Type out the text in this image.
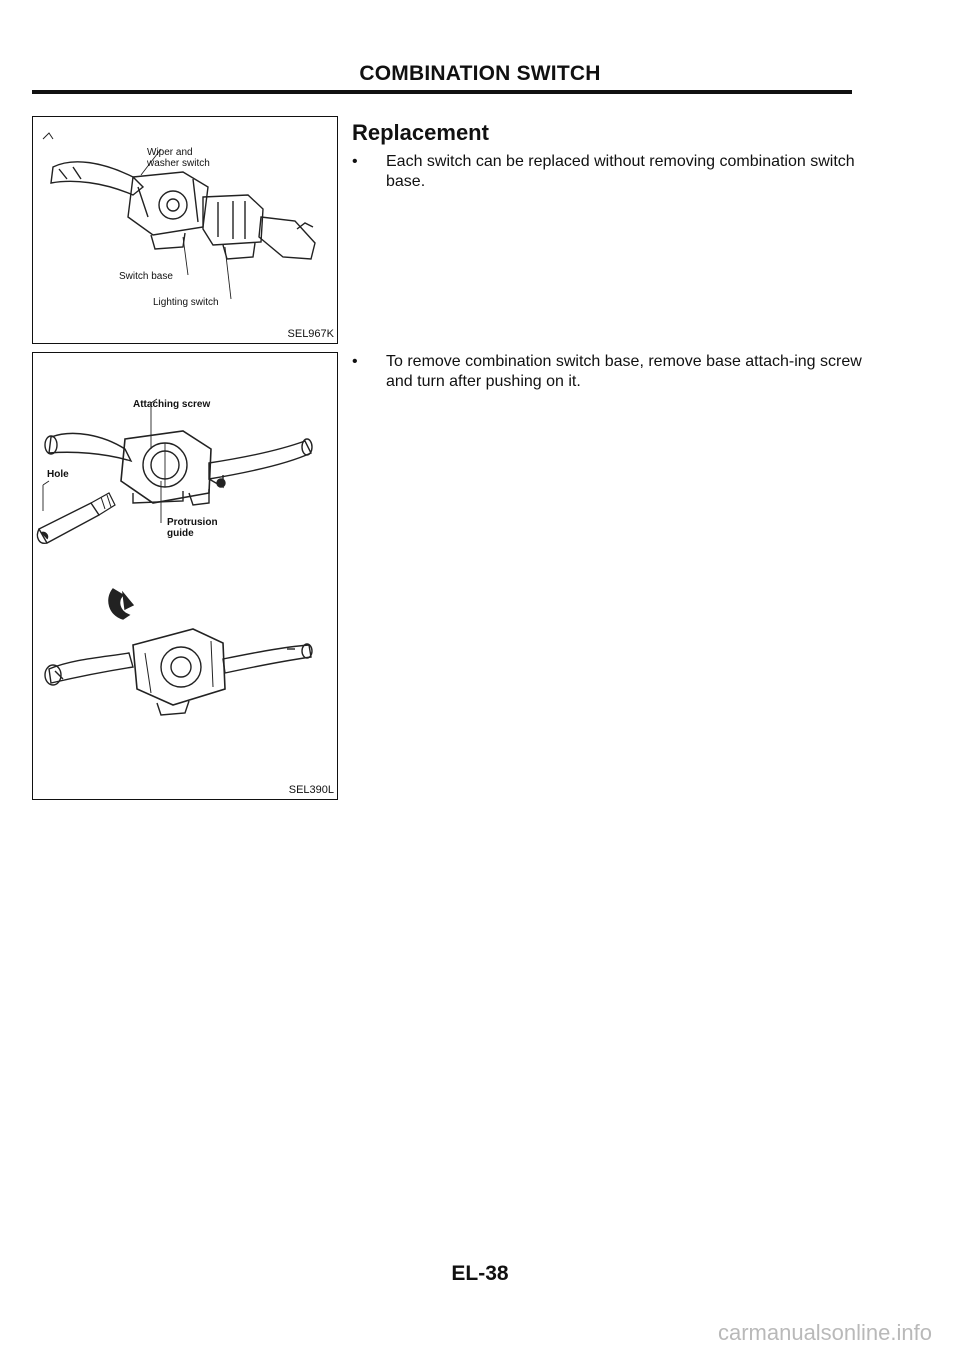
COMBINATION SWITCH
Wiper and
washer switch
Switch base
Lighting switch
SEL967K
Attaching screw
Hole
Protrusion
guide
SEL390L
Replacement
• Each switch can be replaced without removing combination switch base.
• To remove combination switch base, remove base attach-ing screw and turn after pushing on it.
EL-38
carmanualsonline.info
